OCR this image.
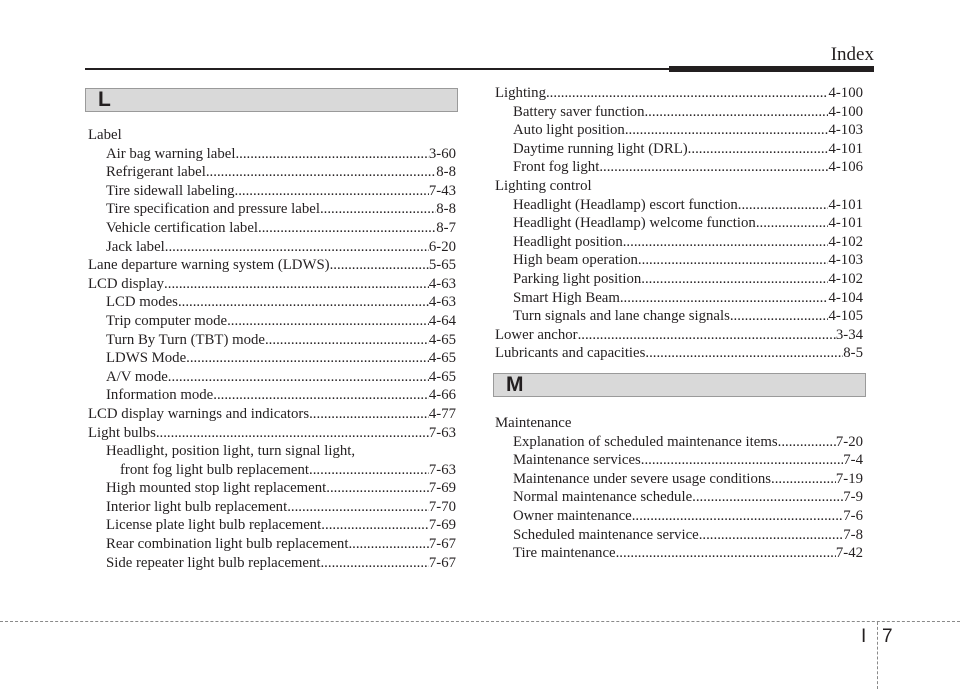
Index
L
Label
Air bag warning label .....	3-60
Refrigerant label .....	8-8
Tire sidewall labeling .....	7-43
Tire specification and pressure label .....	8-8
Vehicle certification label .....	8-7
Jack label .....	6-20
Lane departure warning system (LDWS) .....	5-65
LCD display .....	4-63
LCD modes .....	4-63
Trip computer mode .....	4-64
Turn By Turn (TBT) mode .....	4-65
LDWS Mode .....	4-65
A/V mode .....	4-65
Information mode .....	4-66
LCD display warnings and indicators .....	4-77
Light bulbs .....	7-63
Headlight, position light, turn signal light,
front fog light bulb replacement .....	7-63
High mounted stop light replacement .....	7-69
Interior light bulb replacement .....	7-70
License plate light bulb replacement .....	7-69
Rear combination light bulb replacement .....	7-67
Side repeater light bulb replacement .....	7-67
Lighting .....	4-100
Battery saver function .....	4-100
Auto light position .....	4-103
Daytime running light (DRL) .....	4-101
Front fog light .....	4-106
Lighting control
Headlight (Headlamp) escort function .....	4-101
Headlight (Headlamp) welcome function .....	4-101
Headlight position .....	4-102
High beam operation .....	4-103
Parking light position .....	4-102
Smart High Beam .....	4-104
Turn signals and lane change signals .....	4-105
Lower anchor .....	3-34
Lubricants and capacities .....	8-5
M
Maintenance
Explanation of scheduled maintenance items .....	7-20
Maintenance services .....	7-4
Maintenance under severe usage conditions .....	7-19
Normal maintenance schedule .....	7-9
Owner maintenance .....	7-6
Scheduled maintenance service .....	7-8
Tire maintenance .....	7-42
I 7
